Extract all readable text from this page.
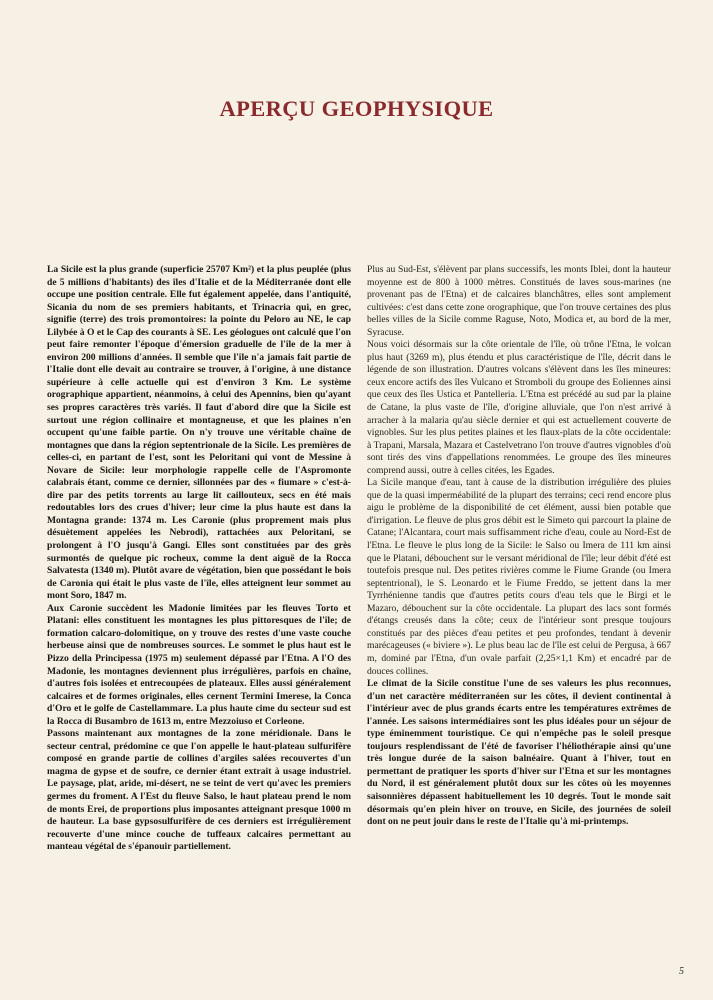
APERÇU GEOPHYSIQUE

La Sicile est la plus grande (superficie 25707 Km²) et la plus peuplée (plus de 5 millions d'habitants) des îles d'Italie et de la Méditerranée dont elle occupe une position centrale. Elle fut également appelée, dans l'antiquité, Sicania du nom de ses premiers habitants, et Trinacria qui, en grec, signifie (terre) des trois promontoires: la pointe du Peloro au NE, le cap Lilybée à O et le Cap des courants à SE. Les géologues ont calculé que l'on peut faire remonter l'époque d'émersion graduelle de l'île de la mer à environ 200 millions d'années. Il semble que l'île n'a jamais fait partie de l'Italie dont elle devait au contraire se trouver, à l'origine, à une distance supérieure à celle actuelle qui est d'environ 3 Km. Le système orographique appartient, néanmoins, à celui des Apennins, bien qu'ayant ses propres caractères très variés. Il faut d'abord dire que la Sicile est surtout une région collinaire et montagneuse, et que les plaines n'en occupent qu'une faible partie. On n'y trouve une véritable chaîne de montagnes que dans la région septentrionale de la Sicile. Les premières de celles-ci, en partant de l'est, sont les Peloritani qui vont de Messine à Novare de Sicile: leur morphologie rappelle celle de l'Aspromonte calabrais étant, comme ce dernier, sillonnées par des « fiumare » c'est-à-dire par des petits torrents au large lit caillouteux, secs en été mais redoutables lors des crues d'hiver; leur cime la plus haute est dans la Montagna grande: 1374 m. Les Caronie (plus proprement mais plus désuètement appelées les Nebrodi), rattachées aux Peloritani, se prolongent à l'O jusqu'à Gangi. Elles sont constituées par des grès surmontés de quelque pic rocheux, comme la dent aiguë de la Rocca Salvatesta (1340 m). Plutôt avare de végétation, bien que possédant le bois de Caronia qui était le plus vaste de l'île, elles atteignent leur sommet au mont Soro, 1847 m.

Aux Caronie succèdent les Madonie limitées par les fleuves Torto et Platani: elles constituent les montagnes les plus pittoresques de l'île; de formation calcaro-dolomitique, on y trouve des restes d'une vaste couche herbeuse ainsi que de nombreuses sources. Le sommet le plus haut est le Pizzo della Principessa (1975 m) seulement dépassé par l'Etna. A l'O des Madonie, les montagnes deviennent plus irrégulières, parfois en chaîne, d'autres fois isolées et entrecoupées de plateaux. Elles aussi généralement calcaires et de formes originales, elles cernent Termini Imerese, la Conca d'Oro et le golfe de Castellammare. La plus haute cime du secteur sud est la Rocca di Busambro de 1613 m, entre Mezzoiuso et Corleone.

Passons maintenant aux montagnes de la zone méridionale. Dans le secteur central, prédomine ce que l'on appelle le haut-plateau sulfurifère composé en grande partie de collines d'argiles salées recouvertes d'un magma de gypse et de soufre, ce dernier étant extrait à usage industriel. Le paysage, plat, aride, mi-désert, ne se teint de vert qu'avec les premiers germes du froment. A l'Est du fleuve Salso, le haut plateau prend le nom de monts Erei, de proportions plus imposantes atteignant presque 1000 m de hauteur. La base gypsosulfurifère de ces derniers est irrégulièrement recouverte d'une mince couche de tuffeaux calcaires permettant au manteau végétal de s'épanouir partiellement.

Plus au Sud-Est, s'élèvent par plans successifs, les monts Iblei, dont la hauteur moyenne est de 800 à 1000 mètres. Constitués de laves sous-marines (ne provenant pas de l'Etna) et de calcaires blanchâtres, elles sont amplement cultivées: c'est dans cette zone orographique, que l'on trouve certaines des plus belles villes de la Sicile comme Raguse, Noto, Modica et, au bord de la mer, Syracuse.

Nous voici désormais sur la côte orientale de l'île, où trône l'Etna, le volcan plus haut (3269 m), plus étendu et plus caractéristique de l'île, décrit dans le légende de son illustration. D'autres volcans s'élèvent dans les îles mineures: ceux encore actifs des îles Vulcano et Stromboli du groupe des Eoliennes ainsi que ceux des îles Ustica et Pantelleria. L'Etna est précédé au sud par la plaine de Catane, la plus vaste de l'île, d'origine alluviale, que l'on n'est arrivé à arracher à la malaria qu'au siècle dernier et qui est actuellement couverte de vignobles. Sur les plus petites plaines et les flaux-plats de la côte occidentale: à Trapani, Marsala, Mazara et Castelvetrano l'on trouve d'autres vignobles d'où sont tirés des vins d'appellations renommées. Le groupe des îles mineures comprend aussi, outre à celles citées, les Egades.

La Sicile manque d'eau, tant à cause de la distribution irrégulière des pluies que de la quasi imperméabilité de la plupart des terrains; ceci rend encore plus aigu le problème de la disponibilité de cet élément, aussi bien potable que d'irrigation. Le fleuve de plus gros débit est le Simeto qui parcourt la plaine de Catane; l'Alcantara, court mais suffisamment riche d'eau, coule au Nord-Est de l'Etna. Le fleuve le plus long de la Sicile: le Salso ou Imera de 111 km ainsi que le Platani, débouchent sur le versant méridional de l'île; leur débit d'été est toutefois presque nul. Des petites rivières comme le Fiume Grande (ou Imera septentrional), le S. Leonardo et le Fiume Freddo, se jettent dans la mer Tyrrhénienne tandis que d'autres petits cours d'eau tels que le Birgi et le Mazaro, débouchent sur la côte occidentale. La plupart des lacs sont formés d'étangs creusés dans la côte; ceux de l'intérieur sont presque toujours constitués par des pièces d'eau petites et peu profondes, tendant à devenir marécageuses (« biviere »). Le plus beau lac de l'île est celui de Pergusa, à 667 m, dominé par l'Etna, d'un ovale parfait (2,25×1,1 Km) et encadré par de douces collines.

Le climat de la Sicile constitue l'une de ses valeurs les plus reconnues, d'un net caractère méditerranéen sur les côtes, il devient continental à l'intérieur avec de plus grands écarts entre les températures extrêmes de l'année. Les saisons intermédiaires sont les plus idéales pour un séjour de type éminemment touristique. Ce qui n'empêche pas le soleil presque toujours resplendissant de l'été de favoriser l'héliothérapie ainsi qu'une très longue durée de la saison balnéaire. Quant à l'hiver, tout en permettant de pratiquer les sports d'hiver sur l'Etna et sur les montagnes du Nord, il est généralement plutôt doux sur les côtes où les moyennes saisonnières dépassent habituellement les 10 degrés. Tout le monde sait désormais qu'en plein hiver on trouve, en Sicile, des journées de soleil dont on ne peut jouir dans le reste de l'Italie qu'à mi-printemps.

5
